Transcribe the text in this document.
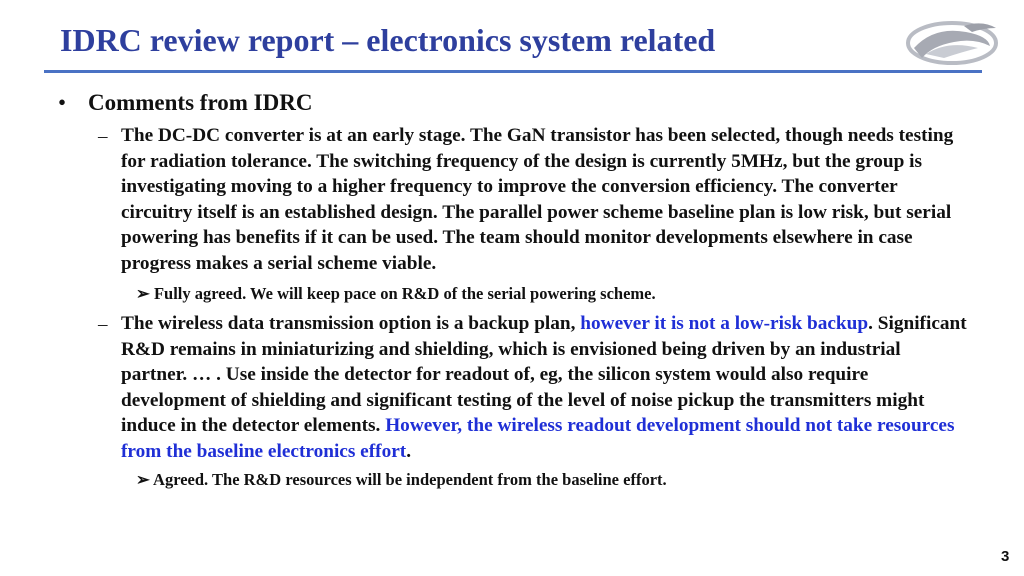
IDRC review report – electronics system related
• Comments from IDRC
– The DC-DC converter is at an early stage. The GaN transistor has been selected, though needs testing for radiation tolerance. The switching frequency of the design is currently 5MHz, but the group is investigating moving to a higher frequency to improve the conversion efficiency. The converter circuitry itself is an established design. The parallel power scheme baseline plan is low risk, but serial powering has benefits if it can be used. The team should monitor developments elsewhere in case progress makes a serial scheme viable.
➢ Fully agreed. We will keep pace on R&D of the serial powering scheme.
– The wireless data transmission option is a backup plan, however it is not a low-risk backup. Significant R&D remains in miniaturizing and shielding, which is envisioned being driven by an industrial partner. … . Use inside the detector for readout of, eg, the silicon system would also require development of shielding and significant testing of the level of noise pickup the transmitters might induce in the detector elements. However, the wireless readout development should not take resources from the baseline electronics effort.
➢ Agreed. The R&D resources will be independent from the baseline effort.
3
